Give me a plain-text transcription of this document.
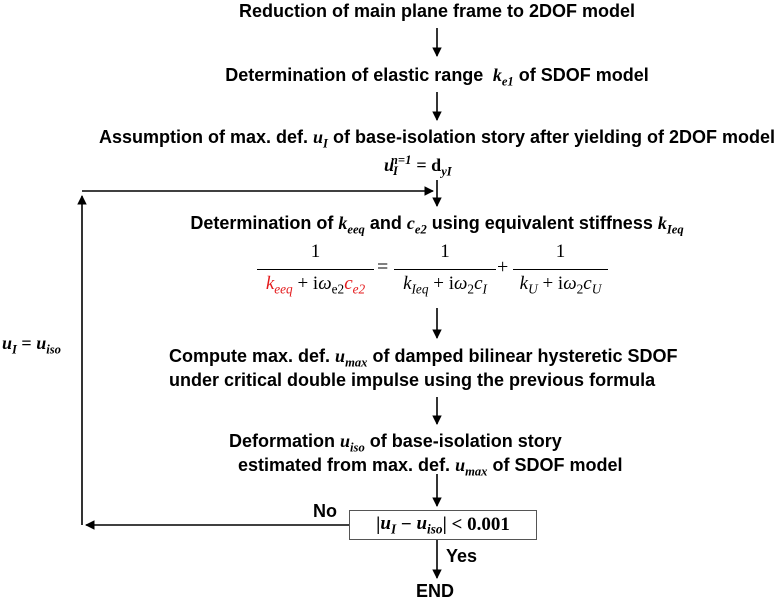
Reduction of main plane frame to 2DOF model
Determination of elastic range  $k_{e1}$ of SDOF model
Assumption of max. def. $u_I$ of base-isolation story after yielding of 2DOF model
$u_I^{n=1} = d_{yI}$
Determination of $k_{eeq}$ and $c_{e2}$ using equivalent stiffness $k_{Ieq}$
1
$k_{eeq} + i\omega_{e2}c_{e2}$
=
1
$k_{Ieq} + i\omega_2c_I$
+
1
$k_U + i\omega_2c_U$
Compute max. def. $u_{max}$ of damped bilinear hysteretic SDOF
under critical double impulse using the previous formula
Deformation $u_{iso}$ of base-isolation story
estimated from max. def. $u_{max}$ of SDOF model
| $u_I - u_{iso}$ | < 0.001
No
Yes
$u_I = u_{iso}$
END
